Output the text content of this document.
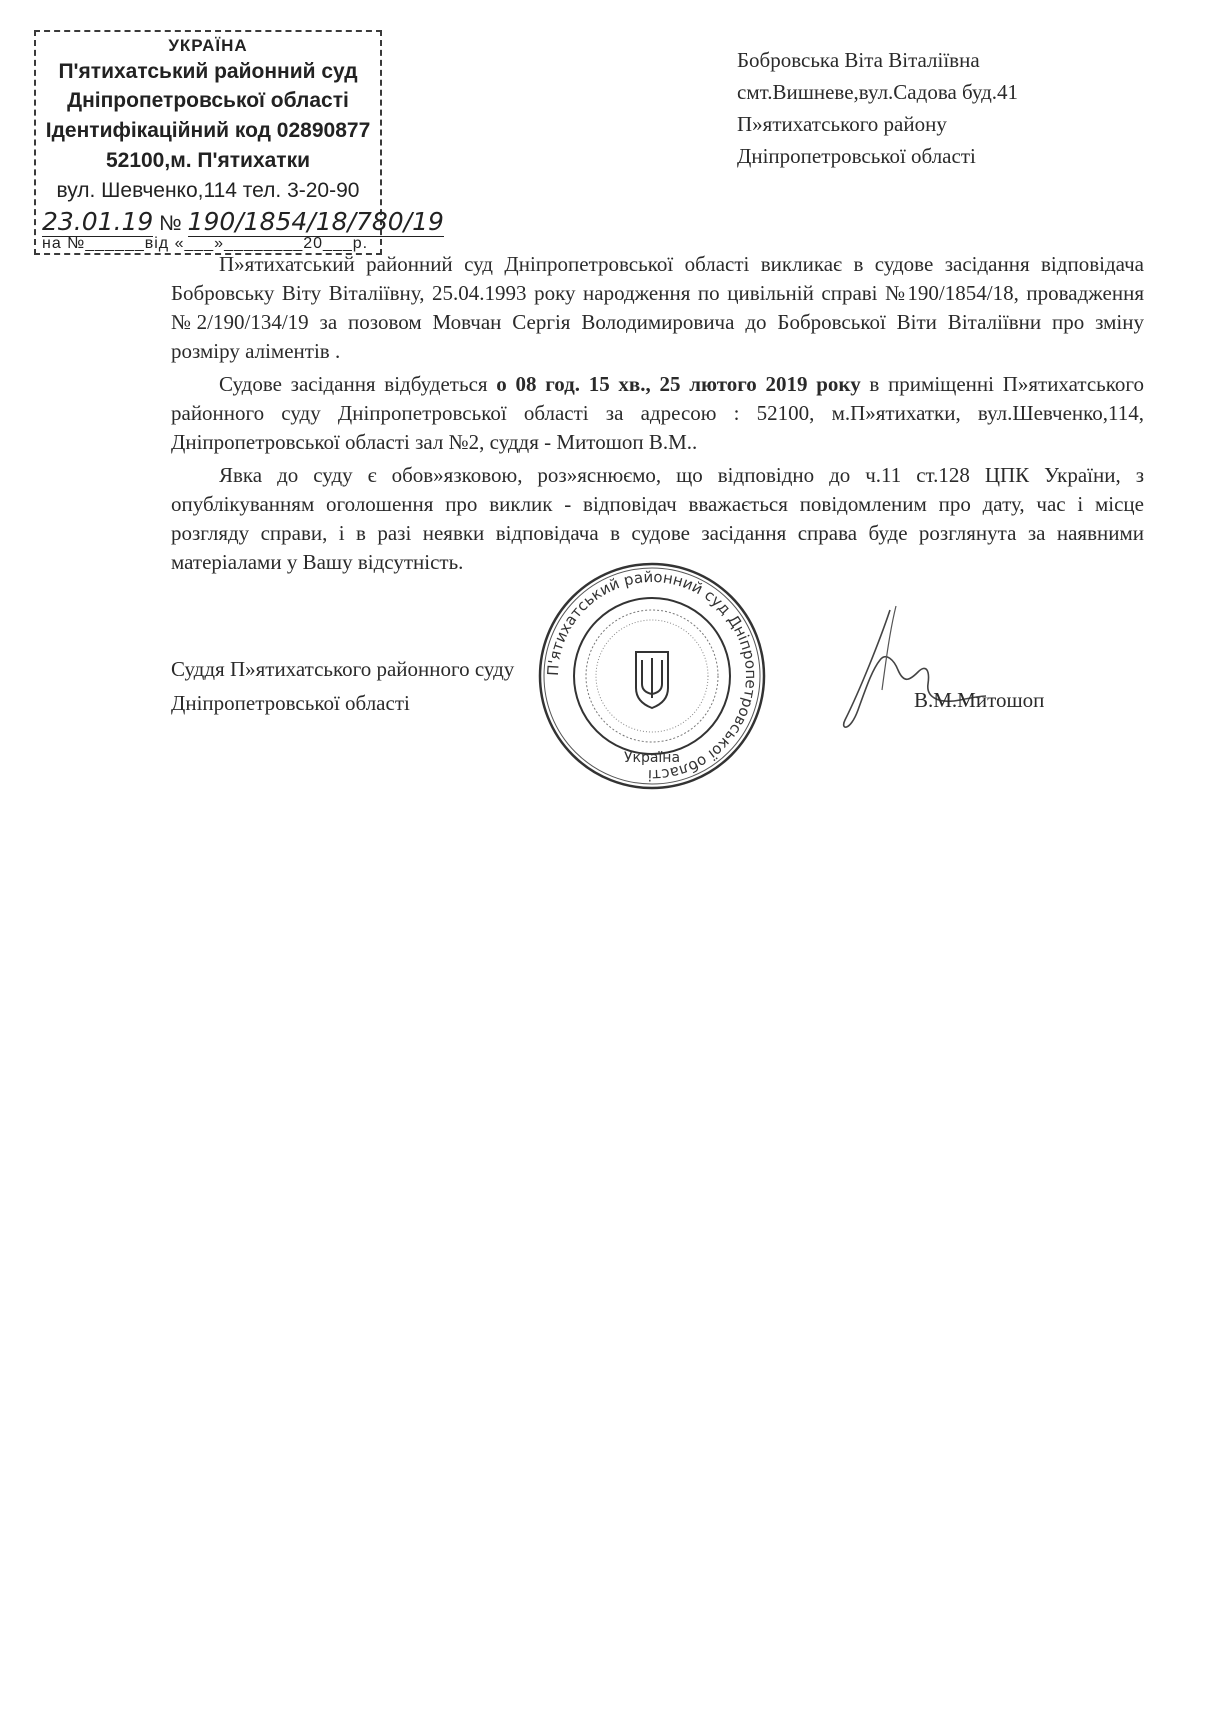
УКРАЇНА
П'ятихатський районний суд
Дніпропетровської області
Ідентифікаційний код 02890877
52100,м. П'ятихатки
вул. Шевченко,114 тел. 3-20-90
23.01.19 № 190/1854/18/780/19
на №______від «___»________20___р.
Бобровська Віта Віталіївна
смт.Вишневе,вул.Садова буд.41
П»ятихатського району
Дніпропетровської області

П»ятихатський районний суд Дніпропетровської області викликає в судове засідання відповідача Бобровську Віту Віталіївну, 25.04.1993 року народження по цивільній справі №190/1854/18, провадження №2/190/134/19 за позовом Мовчан Сергія Володимировича до Бобровської Віти Віталіївни про зміну розміру аліментів .

Судове засідання відбудеться о 08 год. 15 хв., 25 лютого 2019 року в приміщенні П»ятихатського районного суду Дніпропетровської області за адресою : 52100, м.П»ятихатки, вул.Шевченко,114, Дніпропетровської області зал №2, суддя - Митошоп В.М..

Явка до суду є обов»язковою, роз»яснюємо, що відповідно до ч.11 ст.128 ЦПК України, з опублікуванням оголошення про виклик - відповідач вважається повідомленим про дату, час і місце розгляду справи, і в разі неявки відповідача в судове засідання справа буде розглянута за наявними матеріалами у Вашу відсутність.

П'ятихатський районний суд Дніпропетровської області
Україна
Суддя П»ятихатського районного суду
Дніпропетровської області	В.М.Митошоп
